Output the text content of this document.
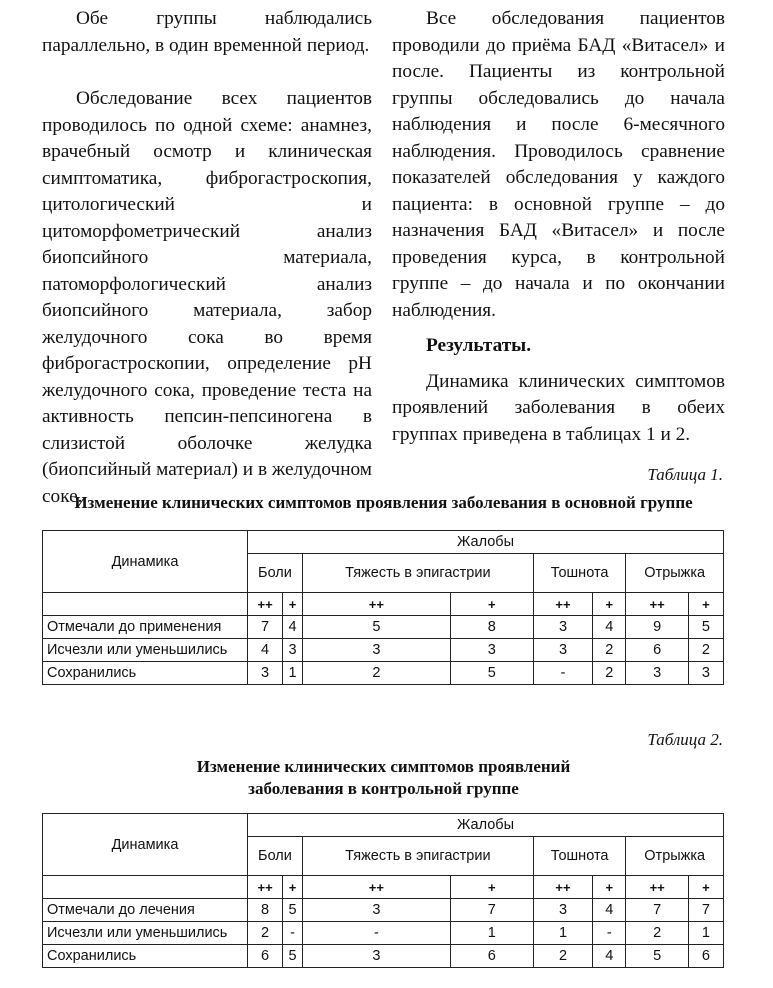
Обе группы наблюдались параллельно, в один временной период.

Обследование всех пациентов проводилось по одной схеме: анамнез, врачебный осмотр и клиническая симптоматика, фиброгастроскопия, цитологический и цитоморфометрический анализ биопсийного материала, патоморфологический анализ биопсийного материала, забор желудочного сока во время фиброгастроскопии, определение рН желудочного сока, проведение теста на активность пепсин-пепсиногена в слизистой оболочке желудка (биопсийный материал) и в желудочном соке.

Все обследования пациентов проводили до приёма БАД «Витасел» и после. Пациенты из контрольной группы обследовались до начала наблюдения и после 6-месячного наблюдения. Проводилось сравнение показателей обследования у каждого пациента: в основной группе – до назначения БАД «Витасел» и после проведения курса, в контрольной группе – до начала и по окончании наблюдения.

Результаты.

Динамика клинических симптомов проявлений заболевания в обеих группах приведена в таблицах 1 и 2.

Таблица 1.
Изменение клинических симптомов проявления заболевания в основной группе
Динамика	Жалобы							
	Боли		Тяжесть в эпигастрии		Тошнота		Отрыжка	
	++	+	++	+	++	+	++	+
Отмечали до применения	7	4	5	8	3	4	9	5
Исчезли или уменьшились	4	3	3	3	3	2	6	2
Сохранились	3	1	2	5	-	2	3	3
Таблица 2.
Изменение клинических симптомов проявлений
заболевания в контрольной группе
Динамика	Жалобы							
	Боли		Тяжесть в эпигастрии		Тошнота		Отрыжка	
	++	+	++	+	++	+	++	+
Отмечали до лечения	8	5	3	7	3	4	7	7
Исчезли или уменьшились	2	-	-	1	1	-	2	1
Сохранились	6	5	3	6	2	4	5	6
